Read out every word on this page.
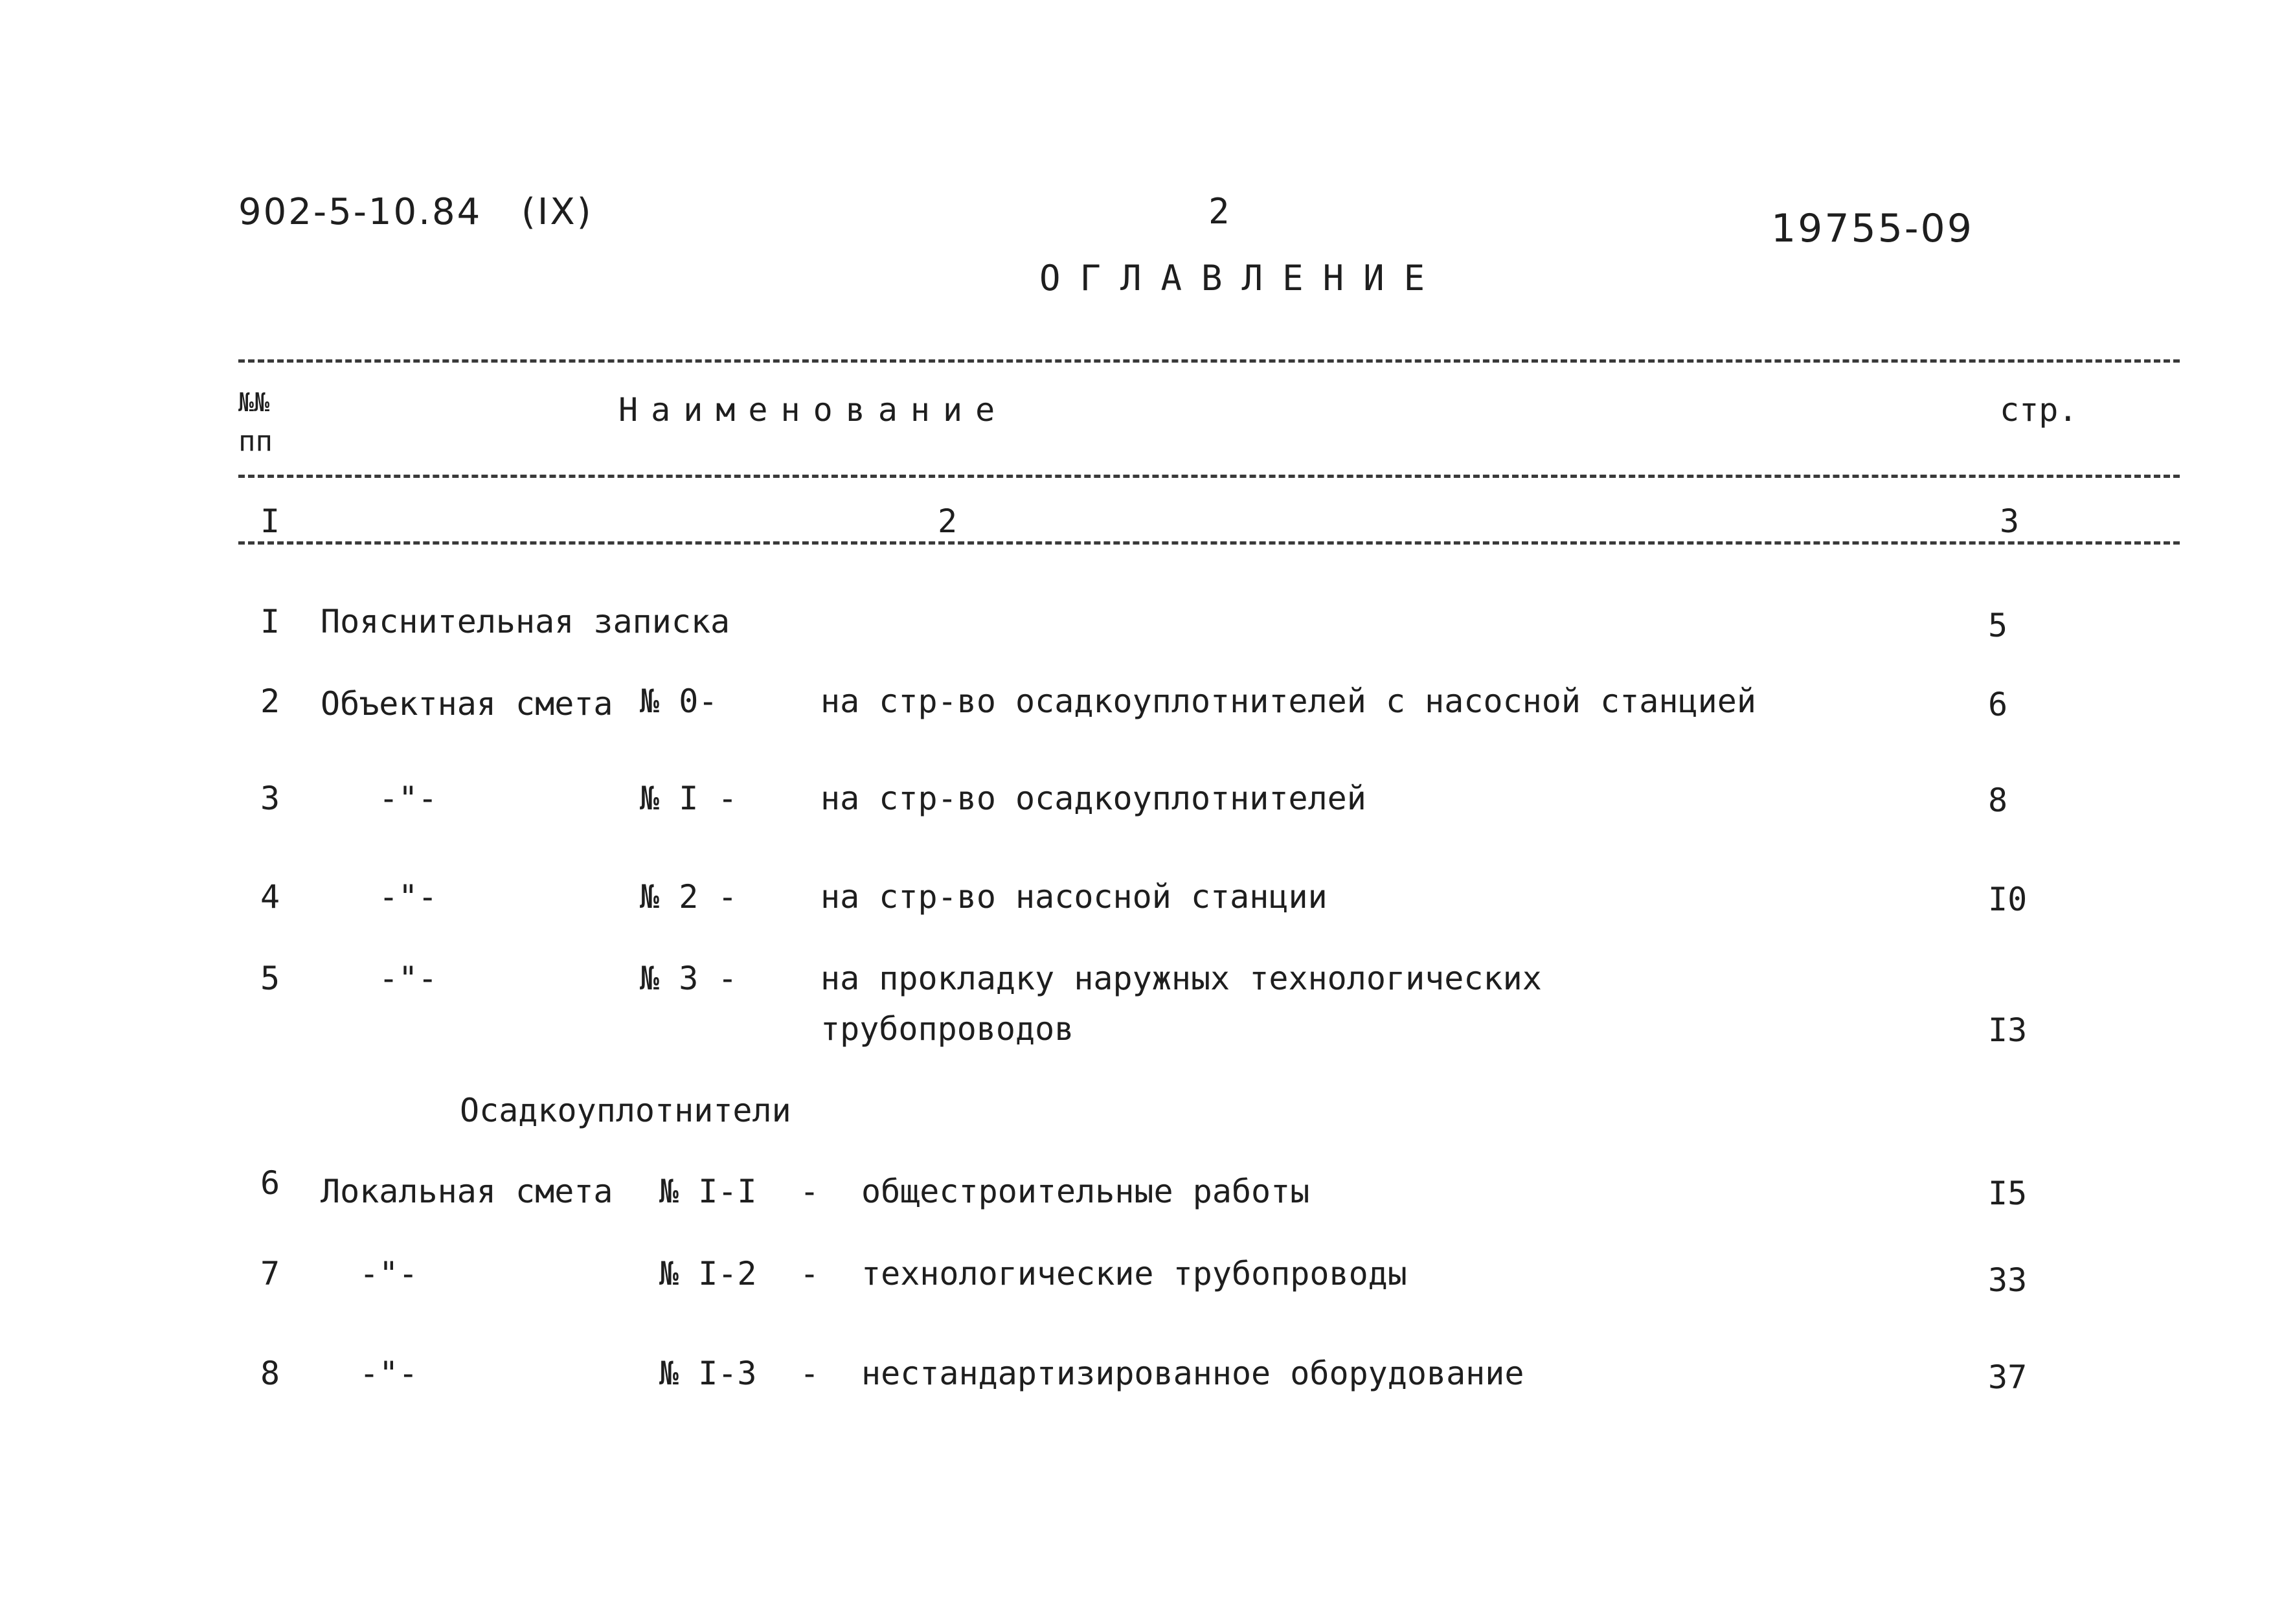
902-5-10.84 (IX)	2	19755-09
ОГЛАВЛЕНИЕ
№№
пп
Наименование	стр.
I	2	3
I Пояснительная записка	5
2 Объектная смета № 0-	на стр-во осадкоуплотнителей с насосной станцией	6
3	-"-	№ I -	на стр-во осадкоуплотнителей	8
4	-"-	№ 2 -	на стр-во насосной станции	I0
5	-"-	№ 3 -	на прокладку наружных технологических
трубопроводов	I3
Осадкоуплотнители
6 Локальная смета № I-I - общестроительные работы	I5
7 -"-	№ I-2 - технологические трубопроводы	33
8 -"-	№ I-3 - нестандартизированное оборудование	37
